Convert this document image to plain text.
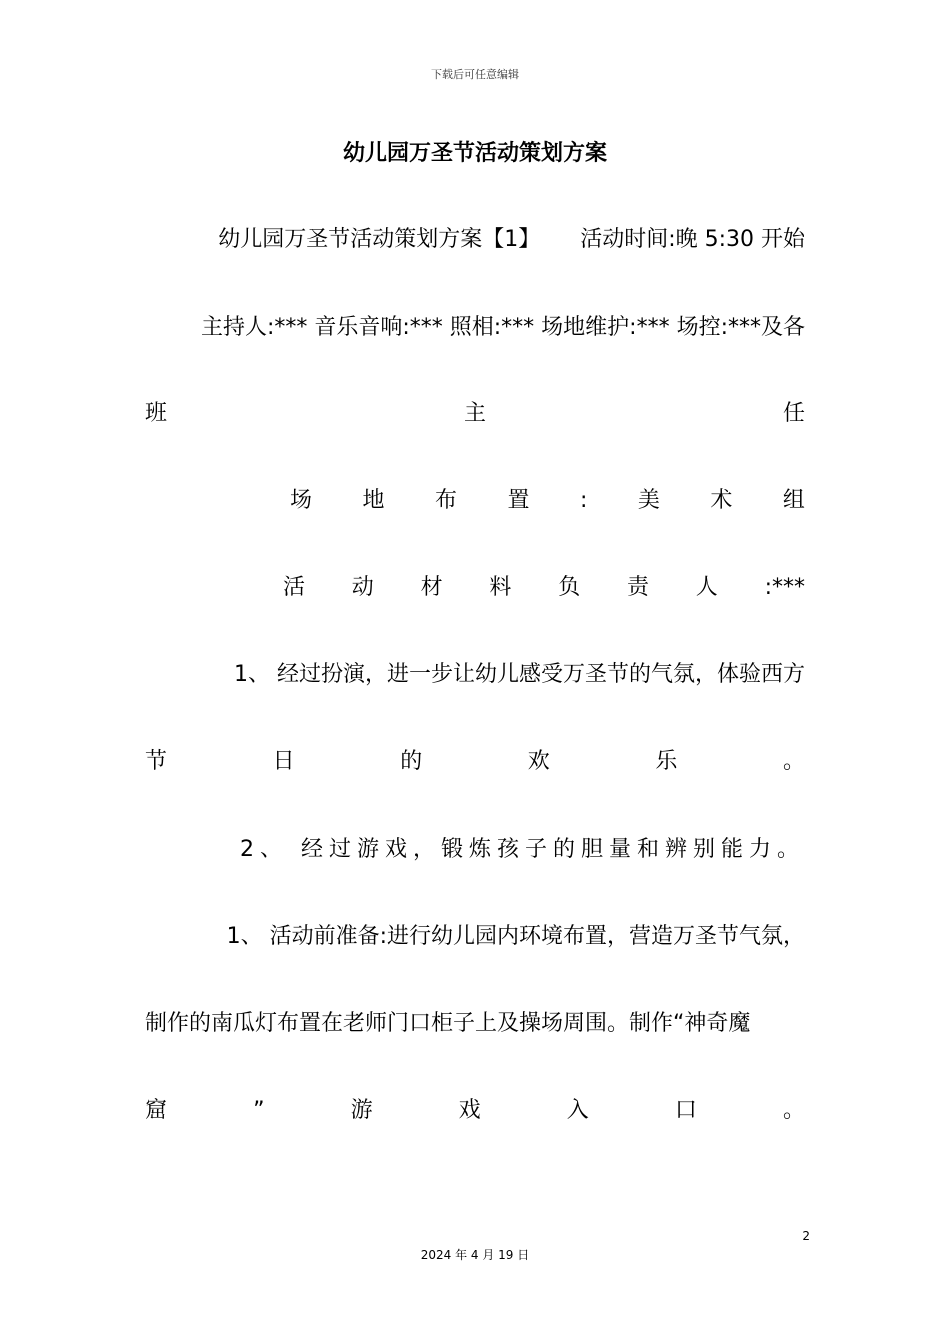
下载后可任意编辑
幼儿园万圣节活动策划方案
幼儿园万圣节活动策划方案【1】　　 活动时间:晚 5:30 开始
主持人:*** 音乐音响:*** 照相:*** 场地维护:*** 场控:***及各
班	主	任
场 地 布 置 : 美 术 组
活 动 材 料 负 责 人 :***
1、 经过扮演，进一步让幼儿感受万圣节的气氛，体验西方
节	日	的	欢	乐	。
2、 经过游戏，锻炼孩子的胆量和辨别能力。
1、 活动前准备:进行幼儿园内环境布置，营造万圣节气氛，
制作的南瓜灯布置在老师门口柜子上及操场周围。制作“神奇魔
窟	”	游	戏	入	口	。
2
2024 年 4 月 19 日
